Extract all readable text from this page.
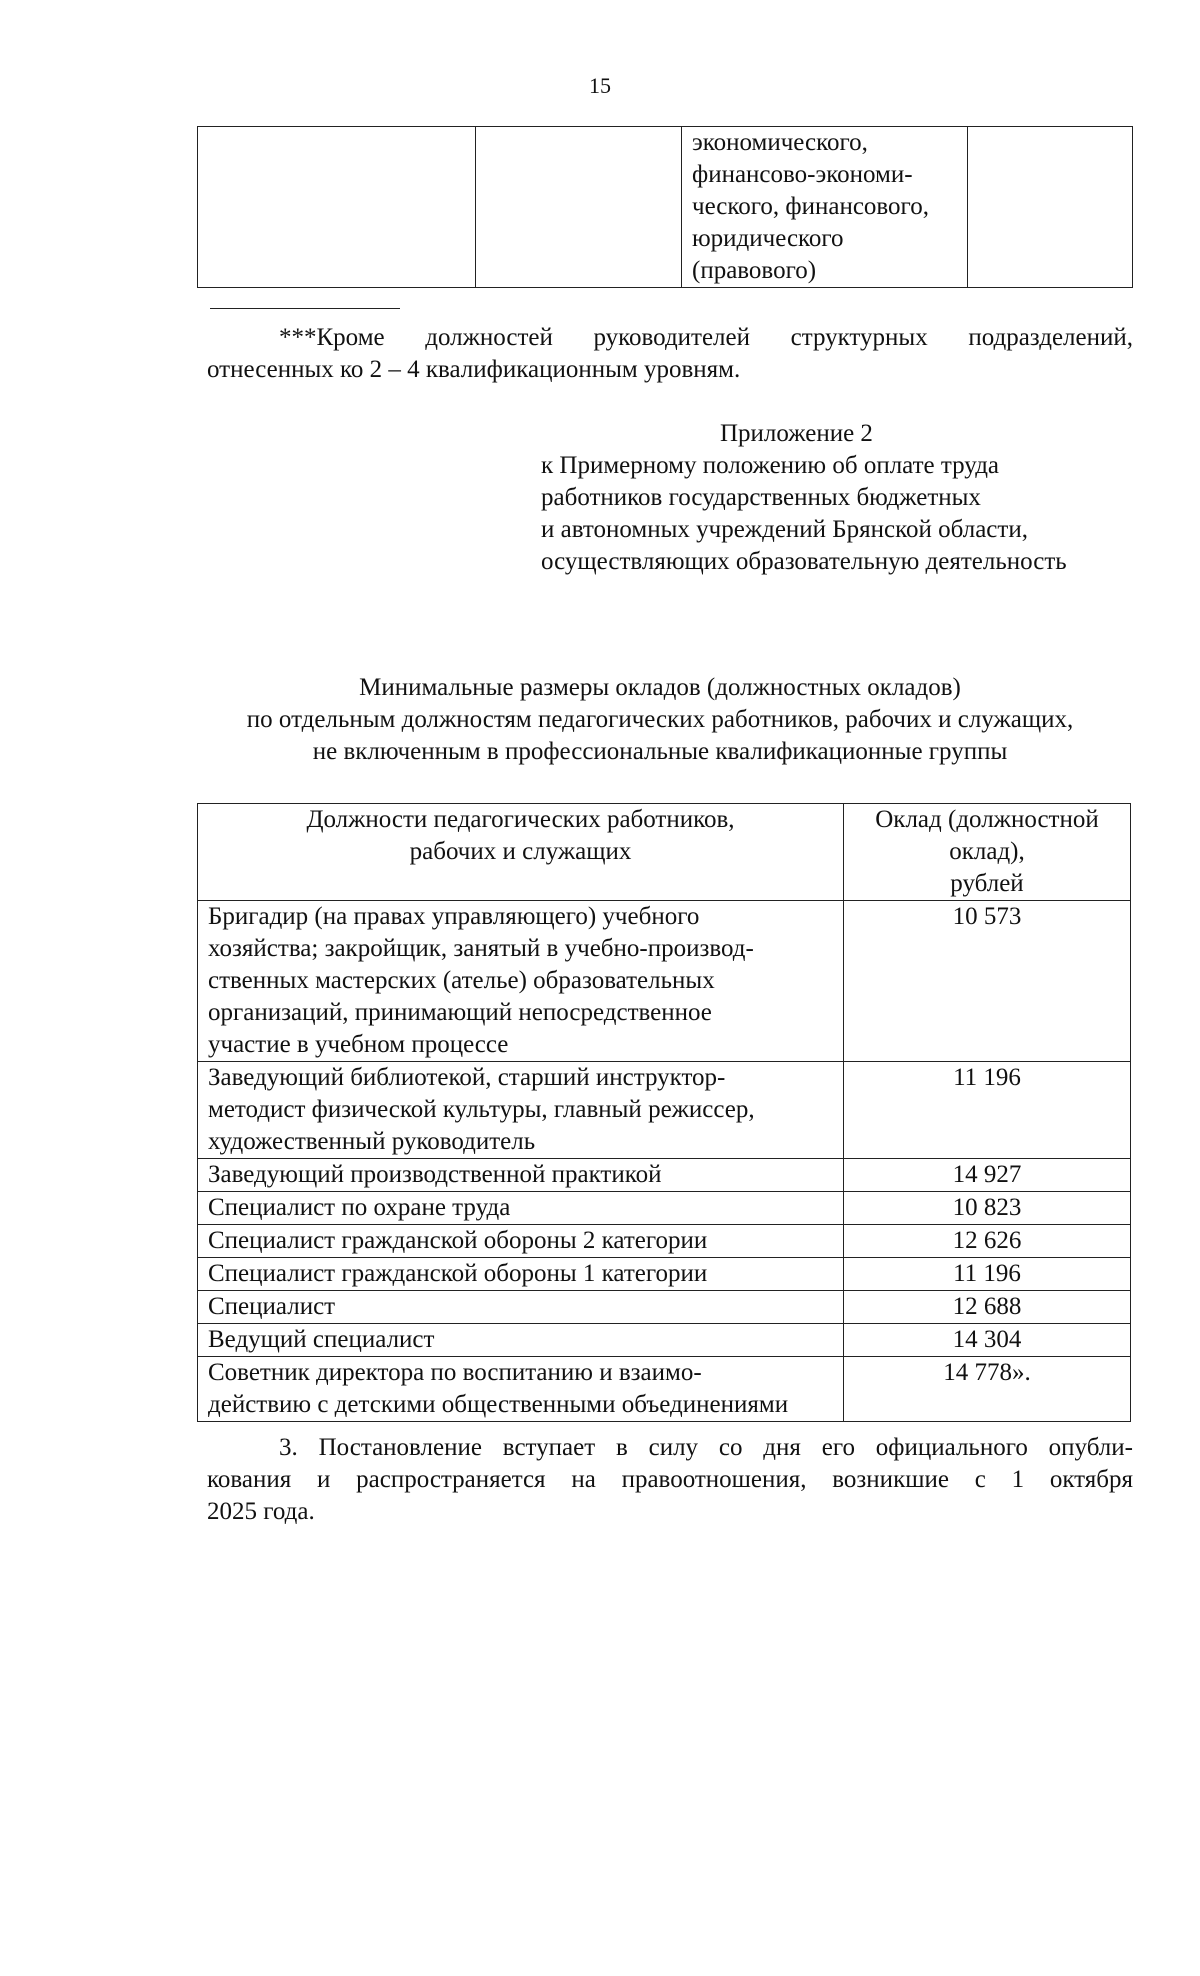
15

экономического,
финансово-экономи-
ческого, финансового,
юридического
(правового)

***Кроме должностей руководителей структурных подразделений,
отнесенных ко 2 – 4 квалификационным уровням.
Приложение 2
к Примерному положению об оплате труда
работников государственных бюджетных
и автономных учреждений Брянской области,
осуществляющих образовательную деятельность
Минимальные размеры окладов (должностных окладов)
по отдельным должностям педагогических работников, рабочих и служащих,
не включенным в профессиональные квалификационные группы
Должности педагогических работников,
рабочих и служащих	Оклад (должностной
оклад),
рублей

Бригадир (на правах управляющего) учебного
хозяйства; закройщик, занятый в учебно-производ-
ственных мастерских (ателье) образовательных
организаций, принимающий непосредственное
участие в учебном процессе	10 573

Заведующий библиотекой, старший инструктор-
методист физической культуры, главный режиссер,
художественный руководитель	11 196
Заведующий производственной практикой	14 927
Специалист по охране труда	10 823
Специалист гражданской обороны 2 категории	12 626
Специалист гражданской обороны 1 категории	11 196
Специалист	12 688
Ведущий специалист	14 304

Советник директора по воспитанию и взаимо-
действию с детскими общественными объединениями	14 778».
3. Постановление вступает в силу со дня его официального опубли-
кования и распространяется на правоотношения, возникшие с 1 октября
2025 года.
